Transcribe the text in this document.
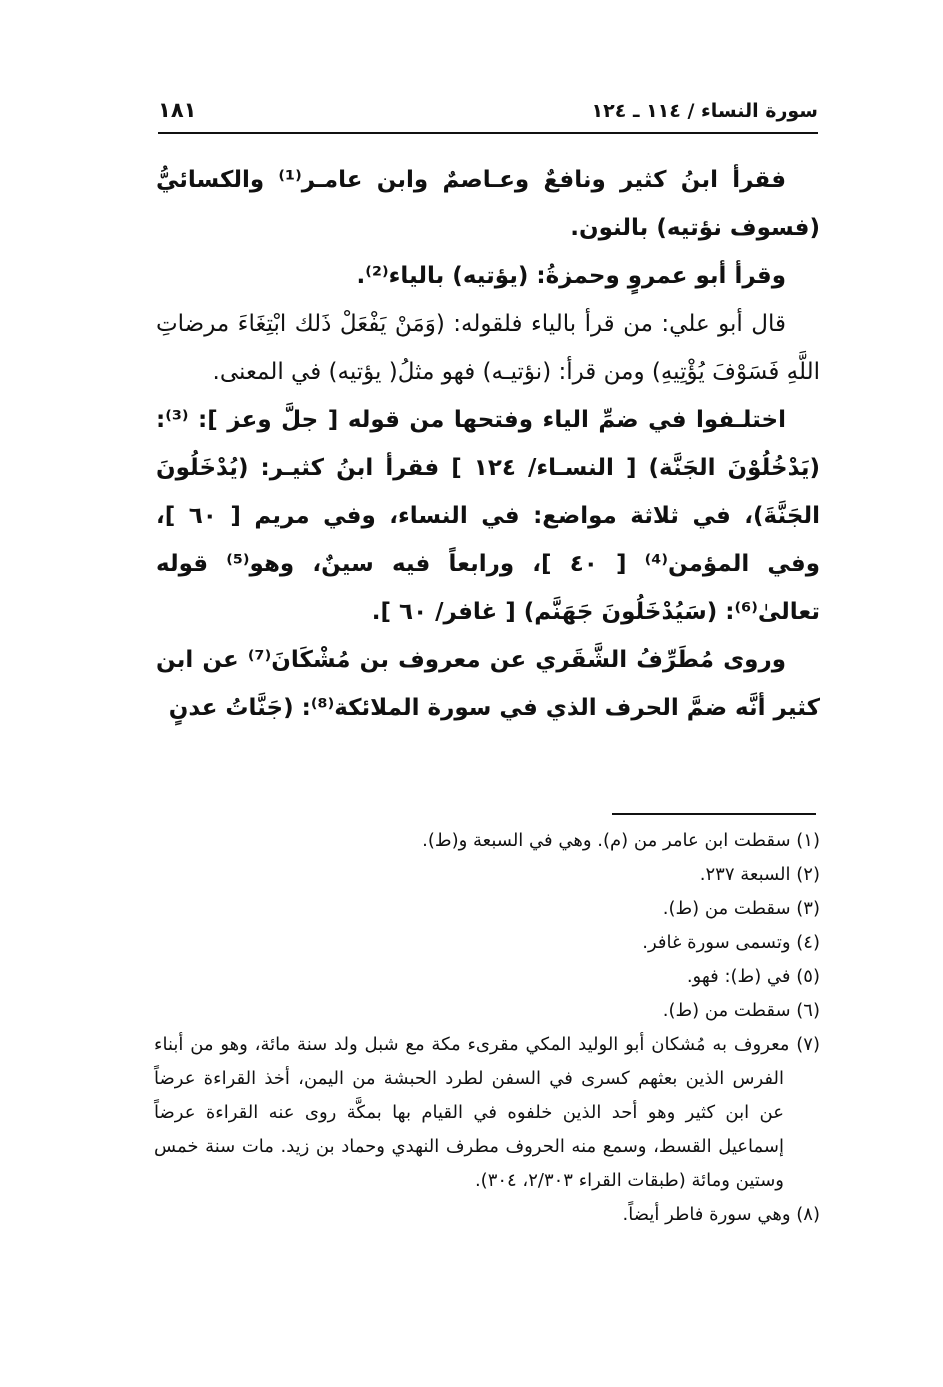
سورة النساء / ١١٤ ـ ١٢٤
١٨١

فقرأ ابنُ كثير ونافعٌ وعـاصمٌ وابن عامـر⁽¹⁾ والكسائيُّ (فسوف نؤتيه) بالنون.

وقرأ أبو عمروٍ وحمزةُ: (يؤتيه) بالياء⁽²⁾.

قال أبو علي: من قرأ بالياء فلقوله: (وَمَنْ يَفْعَلْ ذَلك ابْتِغَاءَ مرضاتِ اللَّهِ فَسَوْفَ يُؤْتِيهِ) ومن قرأ: (نؤتيـه) فهو مثلُ( يؤتيه) في المعنى.

اختلـفوا في ضمِّ الياء وفتحها من قوله [ جلَّ وعز ]: ⁽³⁾: (يَدْخُلُوْنَ الجَنَّة) [ النسـاء/ ١٢٤ ] فقرأ ابنُ كثيـر: (يُدْخَلُونَ الجَنَّةَ)، في ثلاثة مواضع: في النساء، وفي مريم [ ٦٠ ]، وفي المؤمن⁽⁴⁾ [ ٤٠ ]، ورابعاً فيه سينٌ، وهو⁽⁵⁾ قوله تعالىٰ⁽⁶⁾: (سَيُدْخَلُونَ جَهَنَّم) [ غافر/ ٦٠ ].

وروى مُطَرِّفُ الشَّقَري عن معروف بن مُشْكَانَ⁽⁷⁾ عن ابن كثير أنَّه ضمَّ الحرف الذي في سورة الملائكة⁽⁸⁾: (جَنَّاتُ عدنٍ

(١) سقطت ابن عامر من (م). وهي في السبعة و(ط).

(٢) السبعة ٢٣٧.

(٣) سقطت من (ط).

(٤) وتسمى سورة غافر.

(٥) في (ط): فهو.

(٦) سقطت من (ط).

(٧) معروف به مُشكان أبو الوليد المكي مقرىء مكة مع شبل ولد سنة مائة، وهو من أبناء الفرس الذين بعثهم كسرى في السفن لطرد الحبشة من اليمن، أخذ القراءة عرضاً عن ابن كثير وهو أحد الذين خلفوه في القيام بها بمكَّة روى عنه القراءة عرضاً إسماعيل القسط، وسمع منه الحروف مطرف النهدي وحماد بن زيد. مات سنة خمس وستين ومائة (طبقات القراء ٢/٣٠٣، ٣٠٤).

(٨) وهي سورة فاطر أيضاً.
